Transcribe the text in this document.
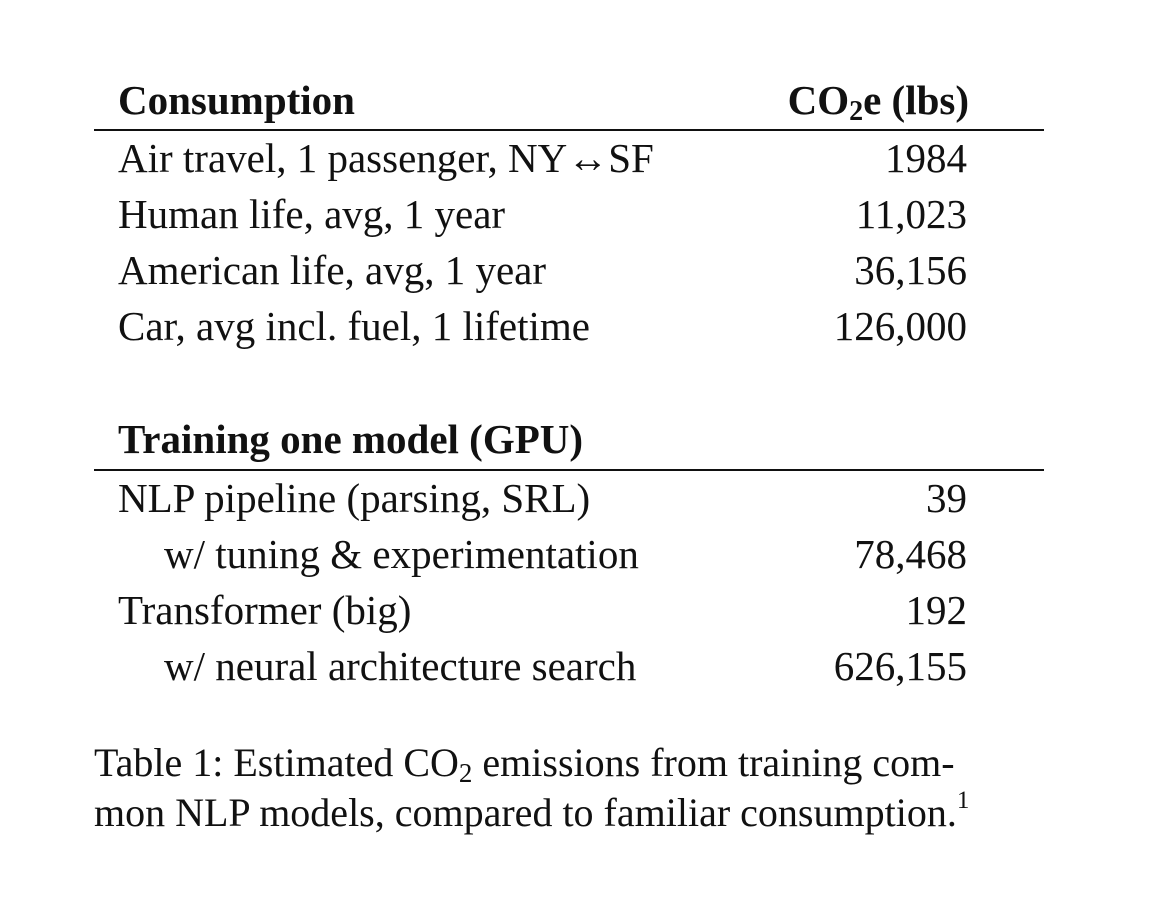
Consumption	CO2e (lbs)
Air travel, 1 passenger, NY↔SF	1984
Human life, avg, 1 year	11,023
American life, avg, 1 year	36,156
Car, avg incl. fuel, 1 lifetime	126,000
Training one model (GPU)
NLP pipeline (parsing, SRL)	39
w/ tuning & experimentation	78,468
Transformer (big)	192
w/ neural architecture search	626,155
Table 1: Estimated CO2 emissions from training com-
mon NLP models, compared to familiar consumption.$^1$
